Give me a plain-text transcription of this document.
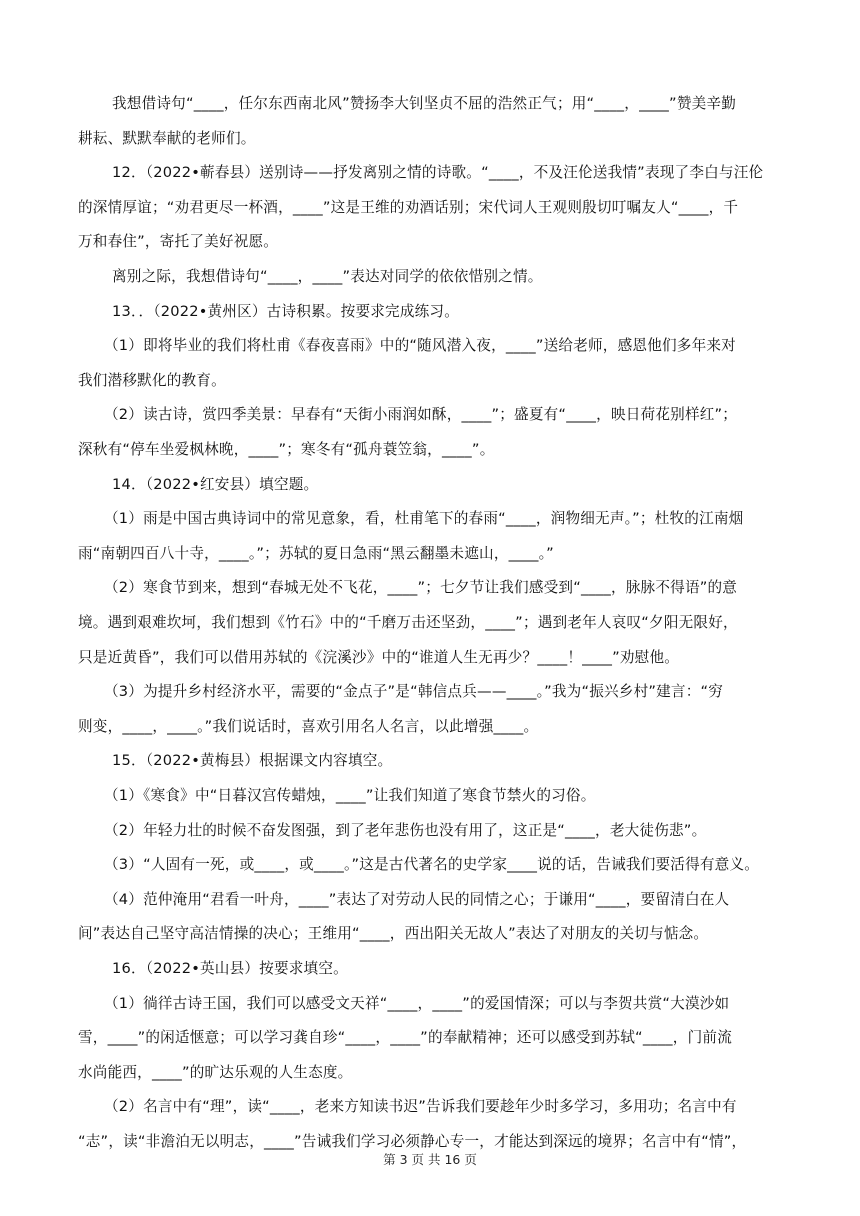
我想借诗句“____，任尔东西南北风”赞扬李大钊坚贞不屈的浩然正气；用“____，____”赞美辛勤
耕耘、默默奉献的老师们。
12．（2022•蕲春县）送别诗——抒发离别之情的诗歌。“____，不及汪伦送我情”表现了李白与汪伦
的深情厚谊；“劝君更尽一杯酒，____”这是王维的劝酒话别；宋代词人王观则殷切叮嘱友人“____，千
万和春住”，寄托了美好祝愿。
离别之际，我想借诗句“____，____”表达对同学的依依惜别之情。
13．．（2022•黄州区）古诗积累。按要求完成练习。
（1）即将毕业的我们将杜甫《春夜喜雨》中的“随风潜入夜，____”送给老师，感恩他们多年来对
我们潜移默化的教育。
（2）读古诗，赏四季美景：早春有“天街小雨润如酥，____”；盛夏有“____，映日荷花别样红”；
深秋有“停车坐爱枫林晚，____”；寒冬有“孤舟蓑笠翁，____”。
14．（2022•红安县）填空题。
（1）雨是中国古典诗词中的常见意象，看，杜甫笔下的春雨“____，润物细无声。”；杜牧的江南烟
雨“南朝四百八十寺，____。”；苏轼的夏日急雨“黑云翻墨未遮山，____。”
（2）寒食节到来，想到“春城无处不飞花，____”；七夕节让我们感受到“____，脉脉不得语”的意
境。遇到艰难坎坷，我们想到《竹石》中的“千磨万击还坚劲，____”；遇到老年人哀叹“夕阳无限好，
只是近黄昏”，我们可以借用苏轼的《浣溪沙》中的“谁道人生无再少？____！____”劝慰他。
（3）为提升乡村经济水平，需要的“金点子”是“韩信点兵——____。”我为“振兴乡村”建言：“穷
则变，____，____。”我们说话时，喜欢引用名人名言，以此增强____。
15．（2022•黄梅县）根据课文内容填空。
（1）《寒食》中“日暮汉宫传蜡烛，____”让我们知道了寒食节禁火的习俗。
（2）年轻力壮的时候不奋发图强，到了老年悲伤也没有用了，这正是“____，老大徒伤悲”。
（3）“人固有一死，或____，或____。”这是古代著名的史学家____说的话，告诫我们要活得有意义。
（4）范仲淹用“君看一叶舟，____”表达了对劳动人民的同情之心；于谦用“____，要留清白在人
间”表达自己坚守高洁情操的决心；王维用“____，西出阳关无故人”表达了对朋友的关切与惦念。
16．（2022•英山县）按要求填空。
（1）徜徉古诗王国，我们可以感受文天祥“____，____”的爱国情深；可以与李贺共赏“大漠沙如
雪，____”的闲适惬意；可以学习龚自珍“____，____”的奉献精神；还可以感受到苏轼“____，门前流
水尚能西，____”的旷达乐观的人生态度。
（2）名言中有“理”，读“____，老来方知读书迟”告诉我们要趁年少时多学习，多用功；名言中有
“志”，读“非澹泊无以明志，____”告诫我们学习必须静心专一，才能达到深远的境界；名言中有“情”，
第 3 页 共 16 页
